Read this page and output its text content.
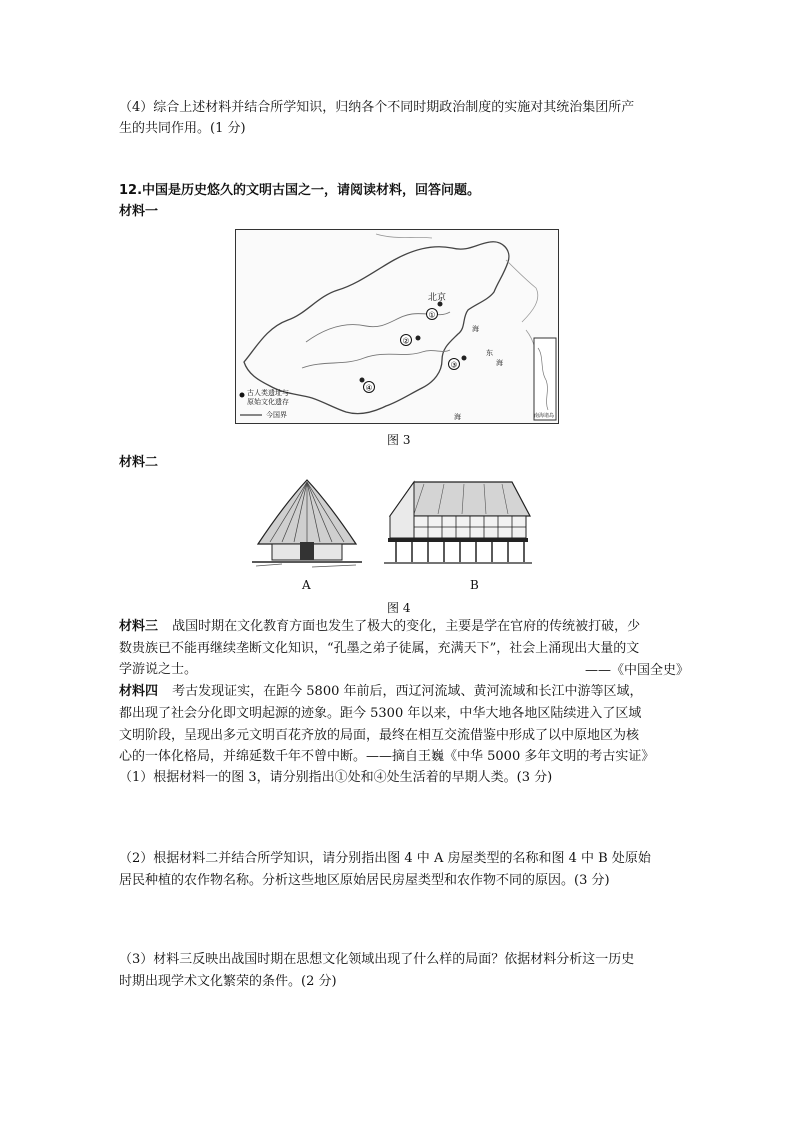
（4）综合上述材料并结合所学知识，归纳各个不同时期政治制度的实施对其统治集团所产

生的共同作用。(1 分)

12.中国是历史悠久的文明古国之一，请阅读材料，回答问题。

材料一

①
②
③
④
北京
海
东
海
海
古人类遗址与
原始文化遗存
今国界	南海诸岛
图 3

材料二

A	B
图 4

材料三 战国时期在文化教育方面也发生了极大的变化，主要是学在官府的传统被打破，少

数贵族已不能再继续垄断文化知识，“孔墨之弟子徒属，充满天下”，社会上涌现出大量的文

学游说之士。	——《中国全史》

材料四 考古发现证实，在距今 5800 年前后，西辽河流域、黄河流域和长江中游等区域，

都出现了社会分化即文明起源的迹象。距今 5300 年以来，中华大地各地区陆续进入了区域

文明阶段，呈现出多元文明百花齐放的局面，最终在相互交流借鉴中形成了以中原地区为核

心的一体化格局，并绵延数千年不曾中断。——摘自王巍《中华 5000 多年文明的考古实证》

（1）根据材料一的图 3，请分别指出①处和④处生活着的早期人类。(3 分)

（2）根据材料二并结合所学知识，请分别指出图 4 中 A 房屋类型的名称和图 4 中 B 处原始

居民种植的农作物名称。分析这些地区原始居民房屋类型和农作物不同的原因。(3 分)

（3）材料三反映出战国时期在思想文化领域出现了什么样的局面？依据材料分析这一历史

时期出现学术文化繁荣的条件。(2 分)
